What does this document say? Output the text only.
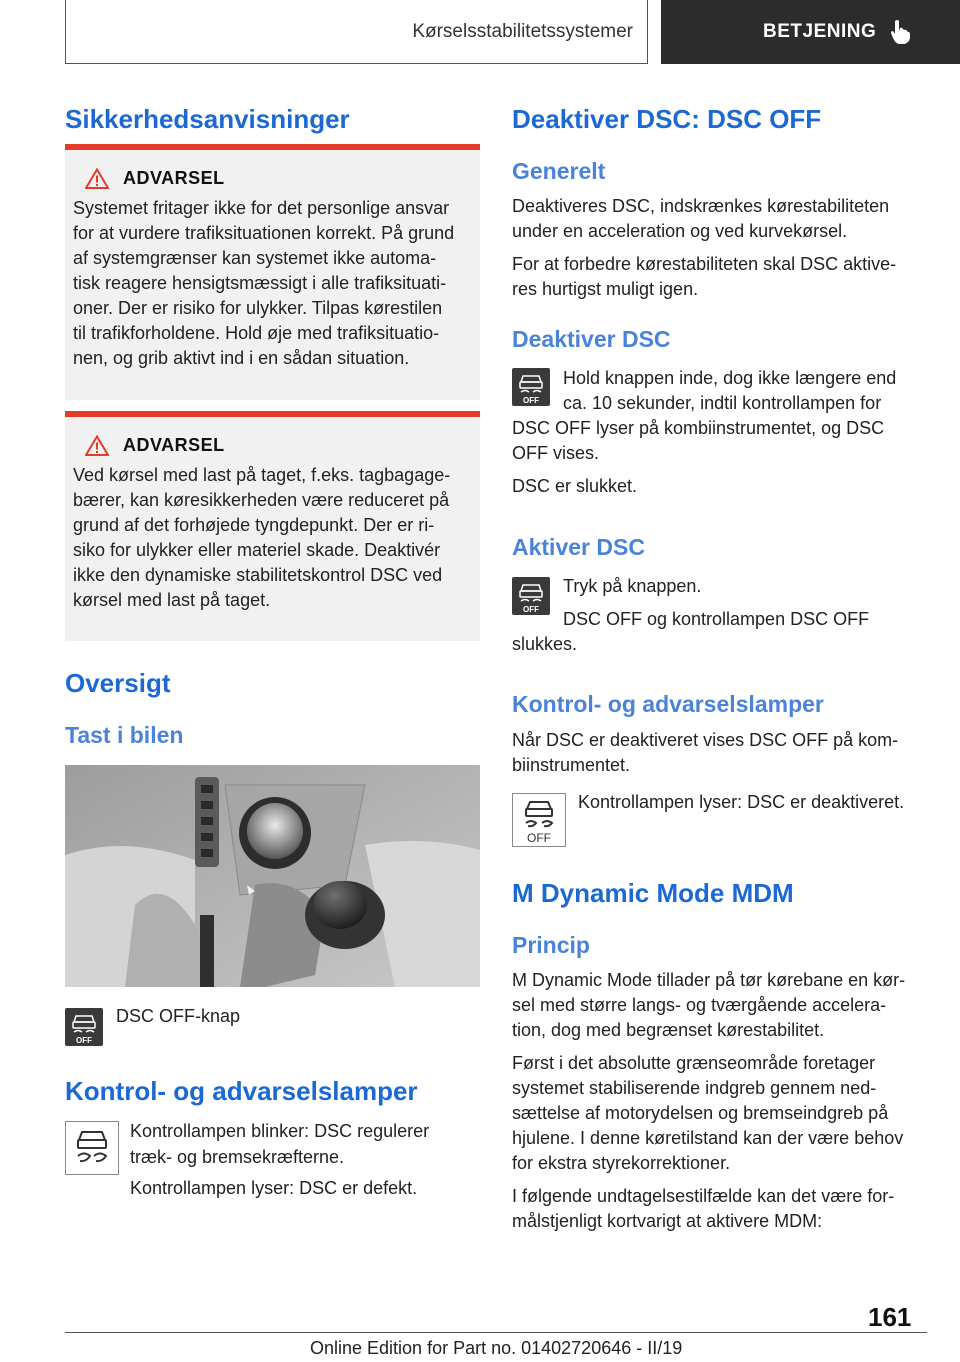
Kørselsstabilitetssystemer	BETJENING
Sikkerhedsanvisninger
ADVARSEL

Systemet fritager ikke for det personlige ansvar

for at vurdere trafiksituationen korrekt. På grund

af systemgrænser kan systemet ikke automa-

tisk reagere hensigtsmæssigt i alle trafiksituati-

oner. Der er risiko for ulykker. Tilpas kørestilen

til trafikforholdene. Hold øje med trafiksituatio-

nen, og grib aktivt ind i en sådan situation.

ADVARSEL

Ved kørsel med last på taget, f.eks. tagbagage-

bærer, kan køresikkerheden være reduceret på

grund af det forhøjede tyngdepunkt. Der er ri-

siko for ulykker eller materiel skade. Deaktivér

ikke den dynamiske stabilitetskontrol DSC ved

kørsel med last på taget.

Oversigt
Tast i bilen
OFF

DSC OFF-knap

Kontrol- og advarselslamper

Kontrollampen blinker: DSC regulerer

træk- og bremsekræfterne.

Kontrollampen lyser: DSC er defekt.

Deaktiver DSC: DSC OFF
Generelt

Deaktiveres DSC, indskrænkes kørestabiliteten

under en acceleration og ved kurvekørsel.

For at forbedre kørestabiliteten skal DSC aktive-

res hurtigst muligt igen.

Deaktiver DSC
OFF

Hold knappen inde, dog ikke længere end

ca. 10 sekunder, indtil kontrollampen for

DSC OFF lyser på kombiinstrumentet, og DSC

OFF vises.

DSC er slukket.

Aktiver DSC
OFF

Tryk på knappen.

DSC OFF og kontrollampen DSC OFF

slukkes.

Kontrol- og advarselslamper

Når DSC er deaktiveret vises DSC OFF på kom-

biinstrumentet.

OFF

Kontrollampen lyser: DSC er deaktiveret.

M Dynamic Mode MDM
Princip

M Dynamic Mode tillader på tør kørebane en kør-

sel med større langs- og tværgående accelera-

tion, dog med begrænset kørestabilitet.

Først i det absolutte grænseområde foretager

systemet stabiliserende indgreb gennem ned-

sættelse af motorydelsen og bremseindgreb på

hjulene. I denne køretilstand kan der være behov

for ekstra styrekorrektioner.

I følgende undtagelsestilfælde kan det være for-

målstjenligt kortvarigt at aktivere MDM:

161
Online Edition for Part no. 01402720646 - II/19
